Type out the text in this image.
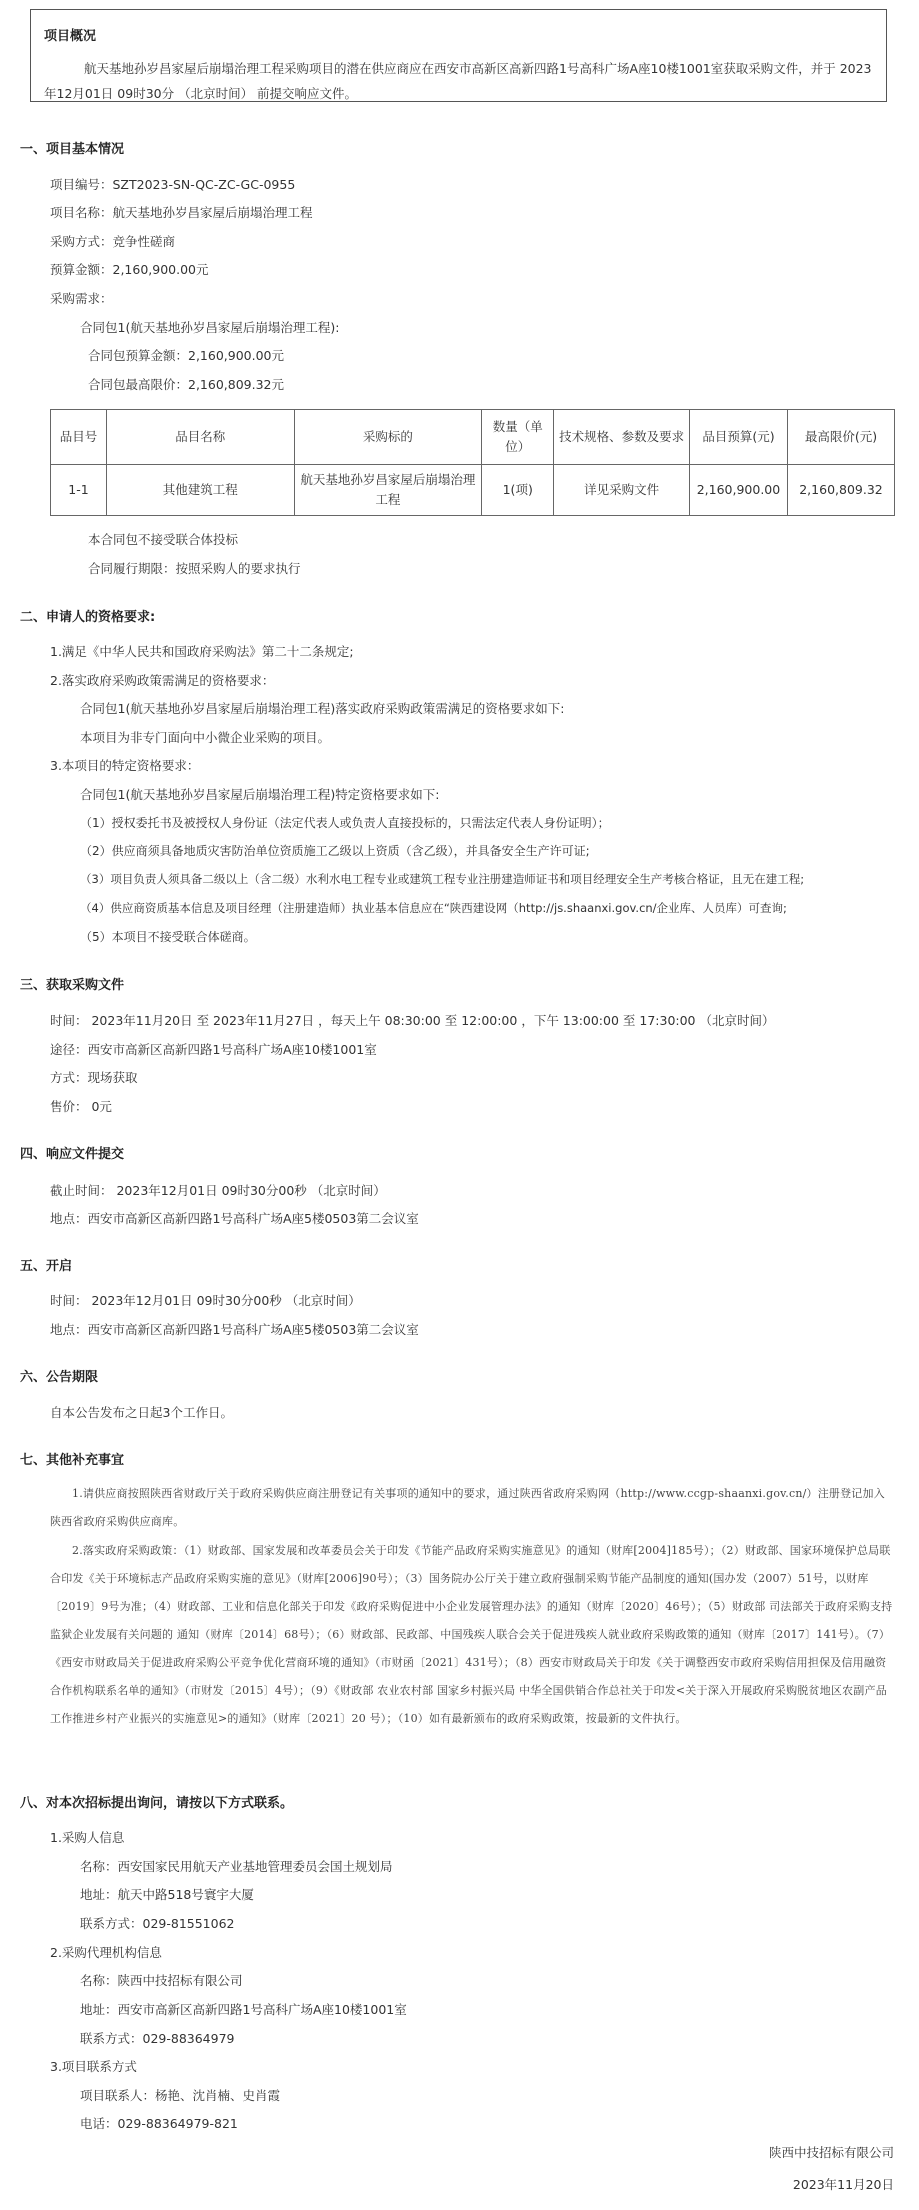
项目概况
航天基地孙岁昌家屋后崩塌治理工程采购项目的潜在供应商应在西安市高新区高新四路1号高科广场A座10楼1001室获取采购文件，并于 2023年12月01日 09时30分 （北京时间） 前提交响应文件。
一、项目基本情况
项目编号：SZT2023-SN-QC-ZC-GC-0955
项目名称：航天基地孙岁昌家屋后崩塌治理工程
采购方式：竞争性磋商
预算金额：2,160,900.00元
采购需求：
合同包1(航天基地孙岁昌家屋后崩塌治理工程):
合同包预算金额：2,160,900.00元
合同包最高限价：2,160,809.32元
品目号	品目名称	采购标的	数量（单位）	技术规格、参数及要求	品目预算(元)	最高限价(元)
1-1	其他建筑工程	航天基地孙岁昌家屋后崩塌治理工程	1(项)	详见采购文件	2,160,900.00	2,160,809.32
本合同包不接受联合体投标
合同履行期限：按照采购人的要求执行
二、申请人的资格要求:
1.满足《中华人民共和国政府采购法》第二十二条规定;
2.落实政府采购政策需满足的资格要求：
合同包1(航天基地孙岁昌家屋后崩塌治理工程)落实政府采购政策需满足的资格要求如下:
本项目为非专门面向中小微企业采购的项目。
3.本项目的特定资格要求：
合同包1(航天基地孙岁昌家屋后崩塌治理工程)特定资格要求如下:
（1）授权委托书及被授权人身份证（法定代表人或负责人直接投标的，只需法定代表人身份证明）；
（2）供应商须具备地质灾害防治单位资质施工乙级以上资质（含乙级），并具备安全生产许可证;
（3）项目负责人须具备二级以上（含二级）水利水电工程专业或建筑工程专业注册建造师证书和项目经理安全生产考核合格证，且无在建工程;
（4）供应商资质基本信息及项目经理（注册建造师）执业基本信息应在“陕西建设网（http://js.shaanxi.gov.cn/企业库、人员库）可查询;
（5）本项目不接受联合体磋商。
三、获取采购文件
时间： 2023年11月20日 至 2023年11月27日 ，每天上午 08:30:00 至 12:00:00 ，下午 13:00:00 至 17:30:00 （北京时间）
途径：西安市高新区高新四路1号高科广场A座10楼1001室
方式：现场获取
售价： 0元
四、响应文件提交
截止时间： 2023年12月01日 09时30分00秒 （北京时间）
地点：西安市高新区高新四路1号高科广场A座5楼0503第二会议室
五、开启
时间： 2023年12月01日 09时30分00秒 （北京时间）
地点：西安市高新区高新四路1号高科广场A座5楼0503第二会议室
六、公告期限
自本公告发布之日起3个工作日。
七、其他补充事宜
1.请供应商按照陕西省财政厅关于政府采购供应商注册登记有关事项的通知中的要求，通过陕西省政府采购网（http://www.ccgp-shaanxi.gov.cn/）注册登记加入陕西省政府采购供应商库。
2.落实政府采购政策：（1）财政部、国家发展和改革委员会关于印发《节能产品政府采购实施意见》的通知（财库[2004]185号）；（2）财政部、国家环境保护总局联合印发《关于环境标志产品政府采购实施的意见》（财库[2006]90号）；（3）国务院办公厅关于建立政府强制采购节能产品制度的通知(国办发（2007）51号，以财库〔2019〕9号为准；（4）财政部、工业和信息化部关于印发《政府采购促进中小企业发展管理办法》的通知（财库〔2020〕46号）；（5）财政部 司法部关于政府采购支持监狱企业发展有关问题的 通知（财库〔2014〕68号）；（6）财政部、民政部、中国残疾人联合会关于促进残疾人就业政府采购政策的通知（财库〔2017〕141号）。（7）《西安市财政局关于促进政府采购公平竞争优化营商环境的通知》（市财函〔2021〕431号）；（8）西安市财政局关于印发《关于调整西安市政府采购信用担保及信用融资合作机构联系名单的通知》（市财发〔2015〕4号）；（9）《财政部 农业农村部 国家乡村振兴局 中华全国供销合作总社关于印发<关于深入开展政府采购脱贫地区农副产品工作推进乡村产业振兴的实施意见>的通知》（财库〔2021〕20 号）；（10）如有最新颁布的政府采购政策，按最新的文件执行。
八、对本次招标提出询问，请按以下方式联系。
1.采购人信息
名称：西安国家民用航天产业基地管理委员会国土规划局
地址：航天中路518号寰宇大厦
联系方式：029-81551062
2.采购代理机构信息
名称：陕西中技招标有限公司
地址：西安市高新区高新四路1号高科广场A座10楼1001室
联系方式：029-88364979
3.项目联系方式
项目联系人：杨艳、沈肖楠、史肖霞
电话：029-88364979-821
陕西中技招标有限公司
2023年11月20日
